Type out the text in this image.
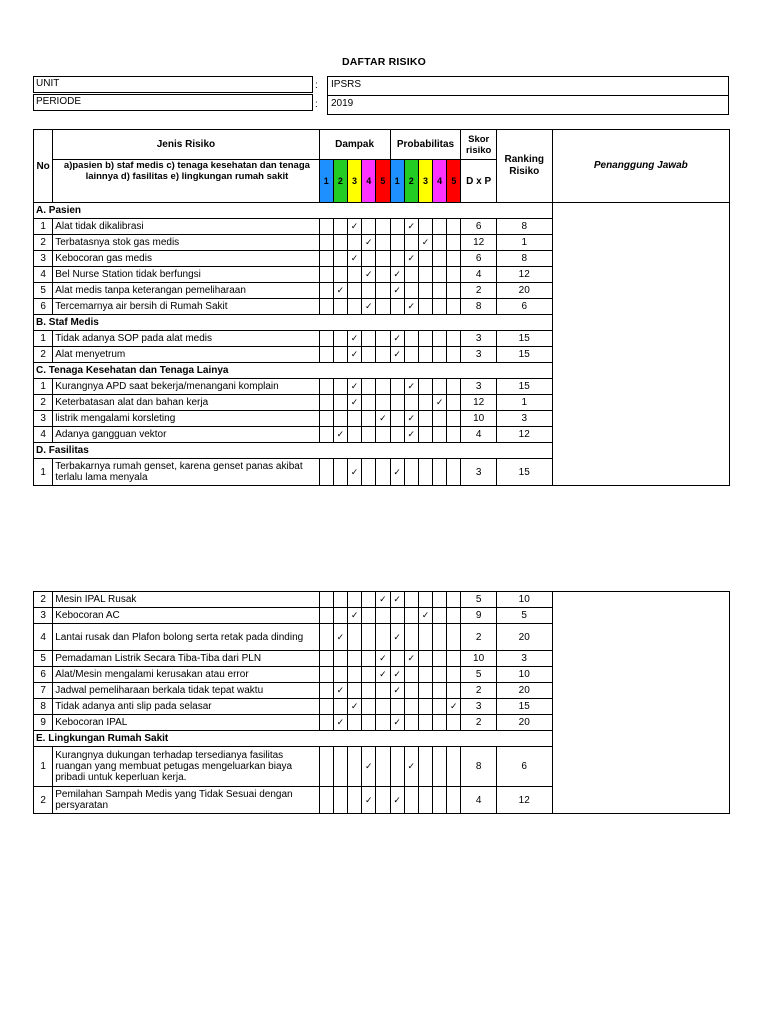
DAFTAR RISIKO
UNIT	:	IPSRS
PERIODE	:	2019
No	Jenis Risiko	Dampak					Probabilitas					Skor risiko	Ranking Risiko	Penanggung Jawab
	a)pasien b) staf medis c) tenaga kesehatan dan tenaga lainnya d) fasilitas e) lingkungan rumah sakit	1	2	3	4	5	1	2	3	4	5	D x P		
A. Pasien														
1	Alat tidak dikalibrasi			✓				✓				6	8	
2	Terbatasnya stok gas medis				✓				✓			12	1	
3	Kebocoran gas medis			✓				✓				6	8	
4	Bel Nurse Station tidak berfungsi				✓		✓					4	12	
5	Alat medis tanpa keterangan pemeliharaan		✓				✓					2	20	
6	Tercemarnya air bersih di Rumah Sakit				✓			✓				8	6	
B. Staf Medis														
1	Tidak adanya SOP pada alat medis			✓			✓					3	15	
2	Alat menyetrum			✓			✓					3	15	
C. Tenaga Kesehatan dan Tenaga Lainya														
1	Kurangnya APD saat bekerja/menangani komplain			✓				✓				3	15	
2	Keterbatasan alat dan bahan kerja			✓						✓		12	1	
3	listrik mengalami korsleting					✓		✓				10	3	
4	Adanya gangguan vektor		✓					✓				4	12	
D. Fasilitas														
1	Terbakarnya rumah genset, karena genset panas akibat terlalu lama menyala			✓			✓					3	15	
2	Mesin IPAL Rusak					✓	✓					5	10	
3	Kebocoran AC			✓					✓			9	5	
4	Lantai rusak dan Plafon bolong serta retak pada dinding		✓				✓					2	20	
5	Pemadaman Listrik Secara Tiba-Tiba dari PLN					✓		✓				10	3	
6	Alat/Mesin mengalami kerusakan atau error					✓	✓					5	10	
7	Jadwal pemeliharaan berkala tidak tepat waktu		✓				✓					2	20	
8	Tidak adanya anti slip pada selasar			✓							✓	3	15	
9	Kebocoran IPAL		✓				✓					2	20	
E. Lingkungan Rumah Sakit														
1	Kurangnya dukungan terhadap tersedianya fasilitas ruangan yang membuat petugas mengeluarkan biaya pribadi untuk keperluan kerja.				✓			✓				8	6	
2	Pemilahan Sampah Medis yang Tidak Sesuai dengan persyaratan				✓		✓					4	12	
